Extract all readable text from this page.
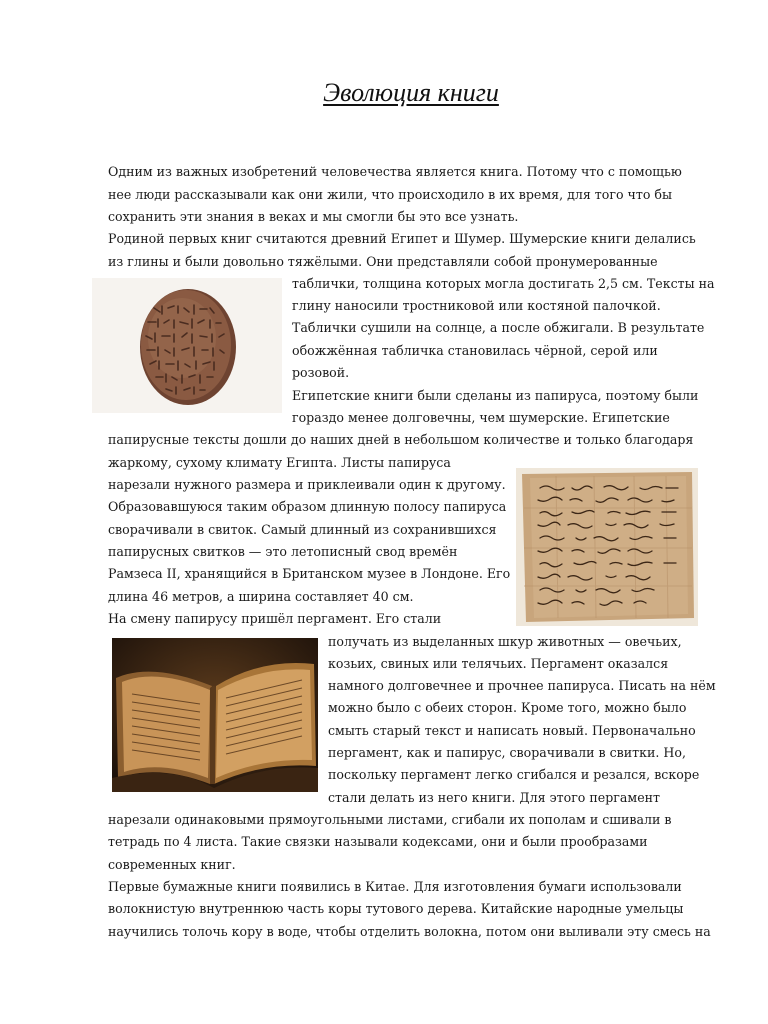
Эволюция книги
Одним из важных изобретений человечества является книга. Потому что с помощью
нее люди рассказывали как они жили, что происходило в их время, для того что бы
сохранить эти знания в веках и мы смогли бы это все узнать.
Родиной первых книг считаются древний Египет и Шумер. Шумерские книги делались
из глины и были довольно тяжёлыми. Они представляли собой пронумерованные
таблички, толщина которых могла достигать 2,5 см. Тексты на
глину наносили тростниковой или костяной палочкой.
Таблички сушили на солнце, а после обжигали. В результате
обожжённая табличка становилась чёрной, серой или
розовой.
Египетские книги были сделаны из папируса, поэтому были
гораздо менее долговечны, чем шумерские. Египетские
папирусные тексты дошли до наших дней в небольшом количестве и только благодаря
жаркому, сухому климату Египта. Листы папируса
нарезали нужного размера и приклеивали один к другому.
Образовавшуюся таким образом длинную полосу папируса
сворачивали в свиток. Самый длинный из сохранившихся
папирусных свитков — это летописный свод времён
Рамзеса II, хранящийся в Британском музее в Лондоне. Его
длина 46 метров, а ширина составляет 40 см.
На смену папирусу пришёл пергамент. Его стали
получать из выделанных шкур животных — овечьих,
козьих, свиных или телячьих. Пергамент оказался
намного долговечнее и прочнее папируса. Писать на нём
можно было с обеих сторон. Кроме того, можно было
смыть старый текст и написать новый. Первоначально
пергамент, как и папирус, сворачивали в свитки. Но,
поскольку пергамент легко сгибался и резался, вскоре
стали делать из него книги. Для этого пергамент
нарезали одинаковыми прямоугольными листами, сгибали их пополам и сшивали в
тетрадь по 4 листа. Такие связки называли кодексами, они и были прообразами
современных книг.
Первые бумажные книги появились в Китае. Для изготовления бумаги использовали
волокнистую внутреннюю часть коры тутового дерева. Китайские народные умельцы
научились толочь кору в воде, чтобы отделить волокна, потом они выливали эту смесь на
